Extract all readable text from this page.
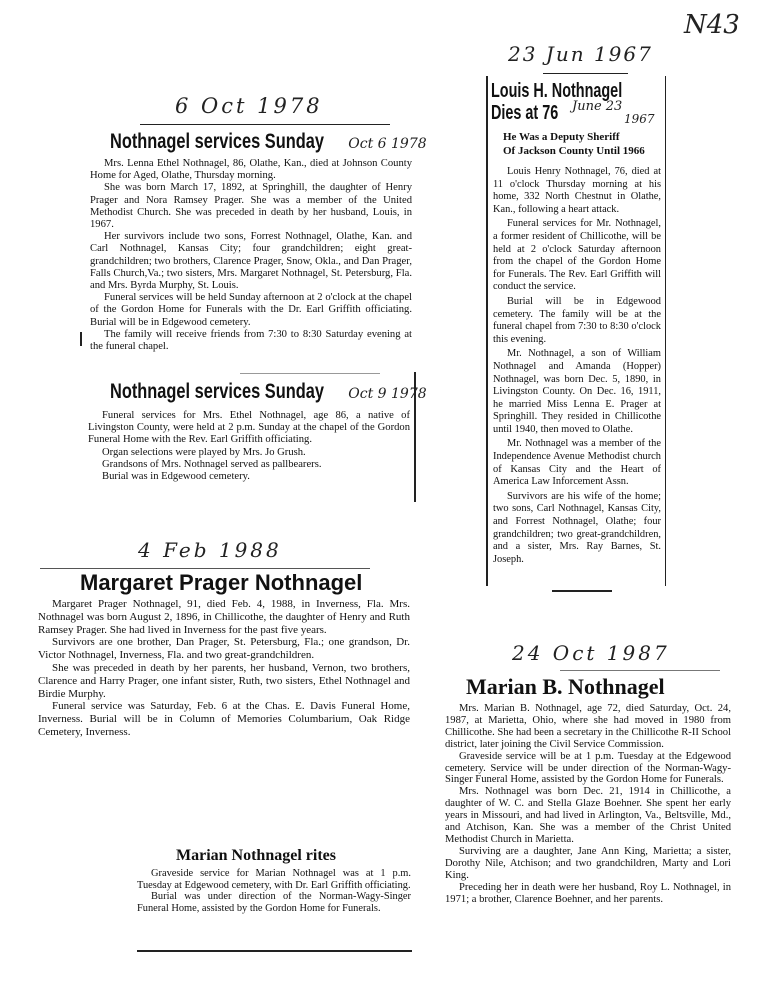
N43
6 Oct 1978
Nothnagel services Sunday Oct 6 1978

Mrs. Lenna Ethel Nothnagel, 86, Olathe, Kan., died at Johnson County Home for Aged, Olathe, Thursday morning.

She was born March 17, 1892, at Springhill, the daughter of Henry Prager and Nora Ramsey Prager. She was a member of the United Methodist Church. She was preceded in death by her husband, Louis, in 1967.

Her survivors include two sons, Forrest Nothnagel, Olathe, Kan. and Carl Nothnagel, Kansas City; four grandchildren; eight great-grandchildren; two brothers, Clarence Prager, Snow, Okla., and Dan Prager, Falls Church,Va.; two sisters, Mrs. Margaret Nothnagel, St. Petersburg, Fla. and Mrs. Byrda Murphy, St. Louis.

Funeral services will be held Sunday afternoon at 2 o'clock at the chapel of the Gordon Home for Funerals with the Dr. Earl Griffith officiating. Burial will be in Edgewood cemetery.

The family will receive friends from 7:30 to 8:30 Saturday evening at the funeral chapel.

Nothnagel services Sunday Oct 9 1978

Funeral services for Mrs. Ethel Nothnagel, age 86, a native of Livingston County, were held at 2 p.m. Sunday at the chapel of the Gordon Funeral Home with the Rev. Earl Griffith officiating.

Organ selections were played by Mrs. Jo Grush.

Grandsons of Mrs. Nothnagel served as pallbearers.

Burial was in Edgewood cemetery.

23 Jun 1967
Louis H. Nothnagel
Dies at 76 June 23
1967
He Was a Deputy Sheriff
Of Jackson County Until 1966

Louis Henry Nothnagel, 76, died at 11 o'clock Thursday morning at his home, 332 North Chestnut in Olathe, Kan., following a heart attack.

Funeral services for Mr. Nothnagel, a former resident of Chillicothe, will be held at 2 o'clock Saturday afternoon from the chapel of the Gordon Home for Funerals. The Rev. Earl Griffith will conduct the service.

Burial will be in Edgewood cemetery. The family will be at the funeral chapel from 7:30 to 8:30 o'clock this evening.

Mr. Nothnagel, a son of William Nothnagel and Amanda (Hopper) Nothnagel, was born Dec. 5, 1890, in Livingston County. On Dec. 16, 1911, he married Miss Lenna E. Prager at Springhill. They resided in Chillicothe until 1940, then moved to Olathe.

Mr. Nothnagel was a member of the Independence Avenue Methodist church of Kansas City and the Heart of America Law Inforcement Assn.

Survivors are his wife of the home; two sons, Carl Nothnagel, Kansas City, and Forrest Nothnagel, Olathe; four grandchildren; two great-grandchildren, and a sister, Mrs. Ray Barnes, St. Joseph.

4 Feb 1988
Margaret Prager Nothnagel

Margaret Prager Nothnagel, 91, died Feb. 4, 1988, in Inverness, Fla. Mrs. Nothnagel was born August 2, 1896, in Chillicothe, the daughter of Henry and Ruth Ramsey Prager. She had lived in Inverness for the past five years.

Survivors are one brother, Dan Prager, St. Petersburg, Fla.; one grandson, Dr. Victor Nothnagel, Inverness, Fla. and two great-grandchildren.

She was preceded in death by her parents, her husband, Vernon, two brothers, Clarence and Harry Prager, one infant sister, Ruth, two sisters, Ethel Nothnagel and Birdie Murphy.

Funeral service was Saturday, Feb. 6 at the Chas. E. Davis Funeral Home, Inverness. Burial will be in Column of Memories Columbarium, Oak Ridge Cemetery, Inverness.

24 Oct 1987
Marian B. Nothnagel

Mrs. Marian B. Nothnagel, age 72, died Saturday, Oct. 24, 1987, at Marietta, Ohio, where she had moved in 1980 from Chillicothe. She had been a secretary in the Chillicothe R-II School district, later joining the Civil Service Commission.

Graveside service will be at 1 p.m. Tuesday at the Edgewood cemetery. Service will be under direction of the Norman-Wagy-Singer Funeral Home, assisted by the Gordon Home for Funerals.

Mrs. Nothnagel was born Dec. 21, 1914 in Chillicothe, a daughter of W. C. and Stella Glaze Boehner. She spent her early years in Missouri, and had lived in Arlington, Va., Beltsville, Md., and Atchison, Kan. She was a member of the Christ United Methodist Church in Marietta.

Surviving are a daughter, Jane Ann King, Marietta; a sister, Dorothy Nile, Atchison; and two grandchildren, Marty and Lori King.

Preceding her in death were her husband, Roy L. Nothnagel, in 1971; a brother, Clarence Boehner, and her parents.

Marian Nothnagel rites

Graveside service for Marian Nothnagel was at 1 p.m. Tuesday at Edgewood cemetery, with Dr. Earl Griffith officiating.

Burial was under direction of the Norman-Wagy-Singer Funeral Home, assisted by the Gordon Home for Funerals.
